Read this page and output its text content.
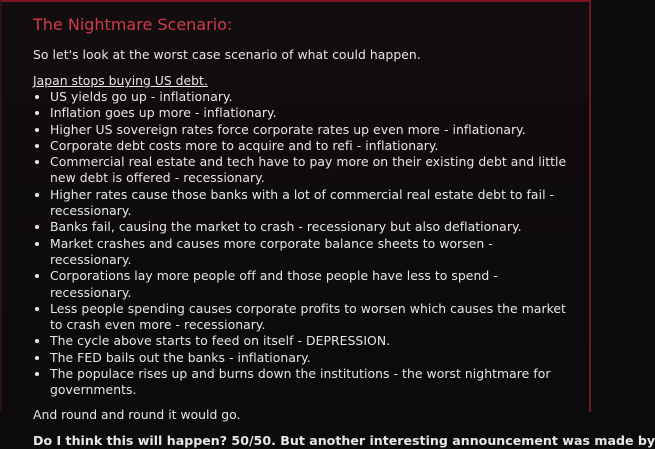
The Nightmare Scenario:

So let's look at the worst case scenario of what could happen.

Japan stops buying US debt.

• US yields go up - inflationary.
• Inflation goes up more - inflationary.
• Higher US sovereign rates force corporate rates up even more - inflationary.
• Corporate debt costs more to acquire and to refi - inflationary.
• Commercial real estate and tech have to pay more on their existing debt and little new debt is offered - recessionary.
• Higher rates cause those banks with a lot of commercial real estate debt to fail - recessionary.
• Banks fail, causing the market to crash - recessionary but also deflationary.
• Market crashes and causes more corporate balance sheets to worsen - recessionary.
• Corporations lay more people off and those people have less to spend - recessionary.
• Less people spending causes corporate profits to worsen which causes the market to crash even more - recessionary.
• The cycle above starts to feed on itself - DEPRESSION.
• The FED bails out the banks - inflationary.
• The populace rises up and burns down the institutions - the worst nightmare for governments.

And round and round it would go.

Do I think this will happen? 50/50. But another interesting announcement was made by
